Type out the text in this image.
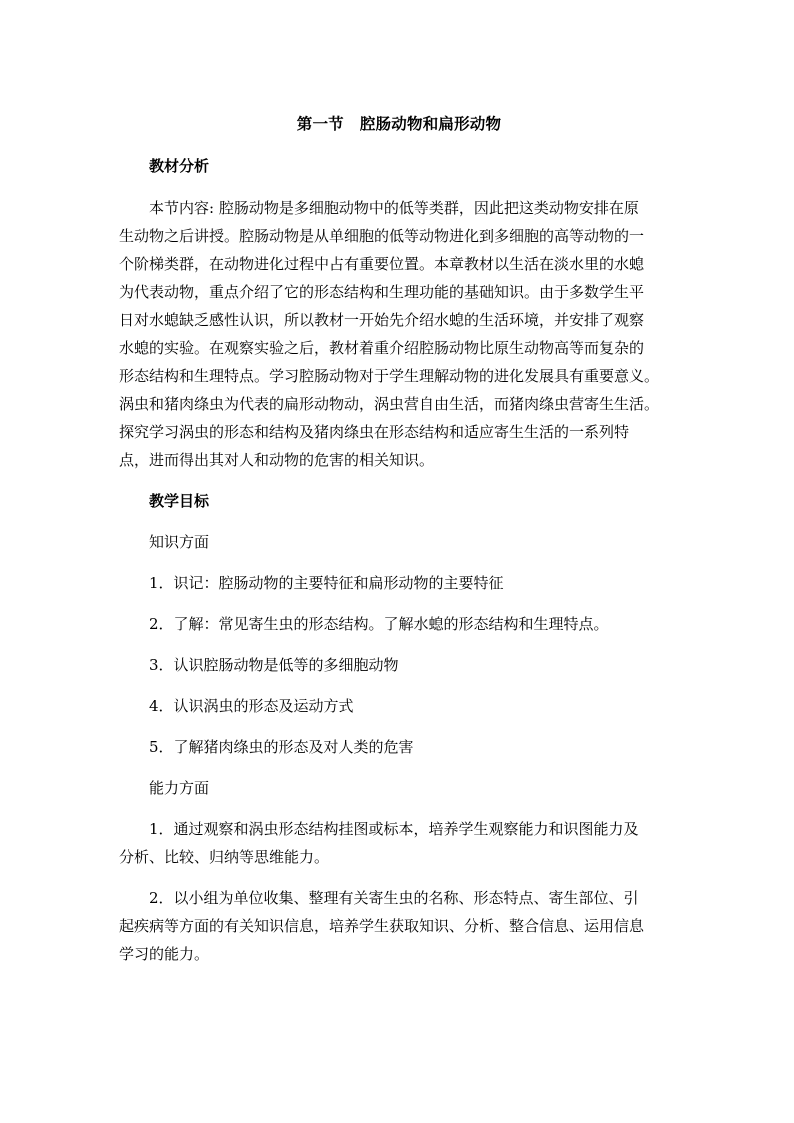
第一节 腔肠动物和扁形动物

教材分析

本节内容: 腔肠动物是多细胞动物中的低等类群，因此把这类动物安排在原

生动物之后讲授。腔肠动物是从单细胞的低等动物进化到多细胞的高等动物的一

个阶梯类群，在动物进化过程中占有重要位置。本章教材以生活在淡水里的水螅

为代表动物，重点介绍了它的形态结构和生理功能的基础知识。由于多数学生平

日对水螅缺乏感性认识，所以教材一开始先介绍水螅的生活环境，并安排了观察

水螅的实验。在观察实验之后，教材着重介绍腔肠动物比原生动物高等而复杂的

形态结构和生理特点。学习腔肠动物对于学生理解动物的进化发展具有重要意义。

涡虫和猪肉绦虫为代表的扁形动物动，涡虫营自由生活，而猪肉绦虫营寄生生活。

探究学习涡虫的形态和结构及猪肉绦虫在形态结构和适应寄生生活的一系列特

点，进而得出其对人和动物的危害的相关知识。

教学目标

知识方面

1．识记：腔肠动物的主要特征和扁形动物的主要特征

2．了解：常见寄生虫的形态结构。了解水螅的形态结构和生理特点。

3．认识腔肠动物是低等的多细胞动物

4．认识涡虫的形态及运动方式

5．了解猪肉绦虫的形态及对人类的危害

能力方面

1．通过观察和涡虫形态结构挂图或标本，培养学生观察能力和识图能力及

分析、比较、归纳等思维能力。

2．以小组为单位收集、整理有关寄生虫的名称、形态特点、寄生部位、引

起疾病等方面的有关知识信息，培养学生获取知识、分析、整合信息、运用信息

学习的能力。
